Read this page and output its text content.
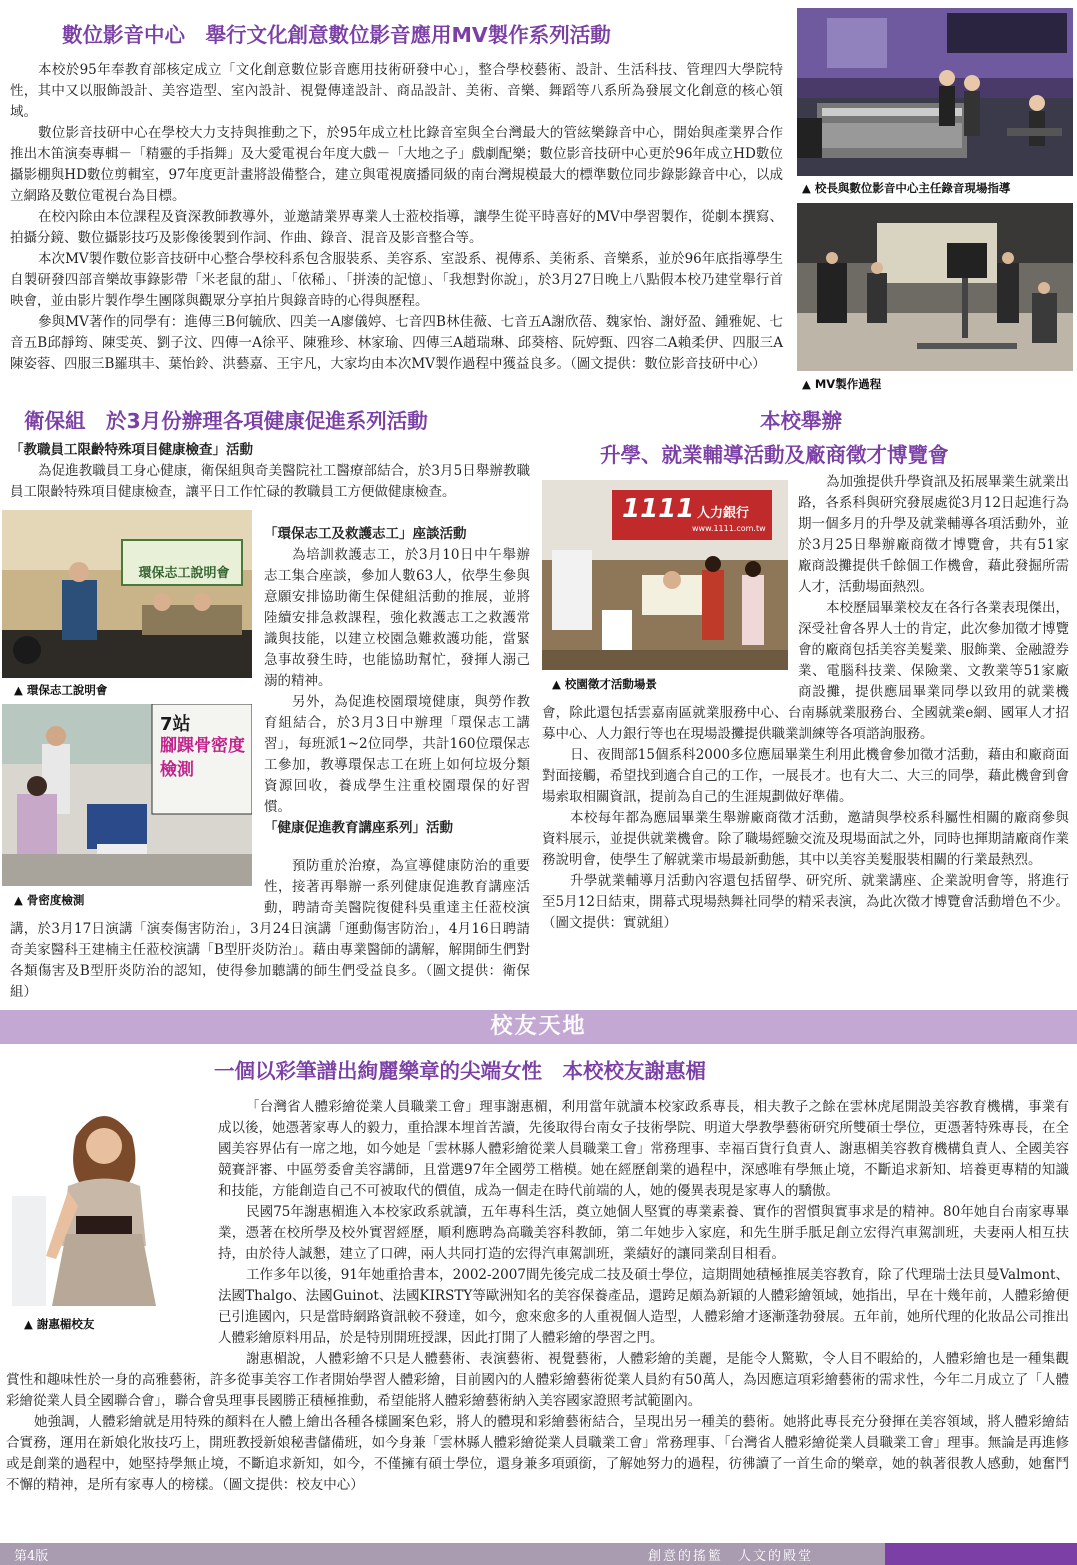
數位影音中心　舉行文化創意數位影音應用MV製作系列活動

本校於95年奉教育部核定成立「文化創意數位影音應用技術研發中心」，整合學校藝術、設計、生活科技、管理四大學院特性，其中又以服飾設計、美容造型、室內設計、視覺傳達設計、商品設計、美術、音樂、舞蹈等八系所為發展文化創意的核心領域。

數位影音技研中心在學校大力支持與推動之下，於95年成立杜比錄音室與全台灣最大的管絃樂錄音中心，開始與產業界合作推出木笛演奏專輯－「精靈的手指舞」及大愛電視台年度大戲－「大地之子」戲劇配樂；數位影音技研中心更於96年成立HD數位攝影棚與HD數位剪輯室，97年度更計畫將設備整合，建立與電視廣播同級的南台灣規模最大的標準數位同步錄影錄音中心，以成立網路及數位電視台為目標。

在校內除由本位課程及資深教師教導外，並邀請業界專業人士蒞校指導，讓學生從平時喜好的MV中學習製作，從劇本撰寫、拍攝分鏡、數位攝影技巧及影像後製到作詞、作曲、錄音、混音及影音整合等。

本次MV製作數位影音技研中心整合學校科系包含服裝系、美容系、室設系、視傳系、美術系、音樂系，並於96年底指導學生自製研發四部音樂故事錄影帶「米老鼠的甜」、「依稀」、「拼湊的記憶」、「我想對你說」，於3月27日晚上八點假本校乃建堂舉行首映會，並由影片製作學生團隊與觀眾分享拍片與錄音時的心得與歷程。

參與MV著作的同學有：進傳三B何毓欣、四美一A廖儀婷、七音四B林佳薇、七音五A謝欣蓓、魏家怡、謝妤盈、鍾雅妮、七音五B邱靜筠、陳雯英、劉子汶、四傳一A徐平、陳雅珍、林家瑜、四傳三A趙瑞琳、邱葵榕、阮婷甄、四容二A賴柔伊、四服三A陳姿蓉、四服三B羅琪丰、葉怡鈴、洪藝嘉、王宇凡，大家均由本次MV製作過程中獲益良多。（圖文提供：數位影音技研中心）

▲ 校長與數位影音中心主任錄音現場指導
▲ MV製作過程
衛保組　於3月份辦理各項健康促進系列活動

「教職員工限齡特殊項目健康檢查」活動

為促進教職員工身心健康，衛保組與奇美醫院社工醫療部結合，於3月5日舉辦教職員工限齡特殊項目健康檢查，讓平日工作忙碌的教職員工方便做健康檢查。

環保志工說明會
▲ 環保志工說明會
7站
腳踝骨密度檢測
▲ 骨密度檢測

「環保志工及救護志工」座談活動

為培訓救護志工，於3月10日中午舉辦志工集合座談，參加人數63人，依學生參與意願安排協助衛生保健組活動的推展，並將陸續安排急救課程，強化救護志工之救護常識與技能，以建立校園急難救護功能，當緊急事故發生時，也能協助幫忙，發揮人溺己溺的精神。

另外，為促進校園環境健康，與勞作教育組結合，於3月3日中辦理「環保志工講習」，每班派1~2位同學，共計160位環保志工參加，教導環保志工在班上如何垃圾分類資源回收，養成學生注重校園環保的好習慣。

「健康促進教育講座系列」活動

預防重於治療，為宣導健康防治的重要性，接著再舉辦一系列健康促進教育講座活動，聘請奇美醫院復健科吳重達主任蒞校演講，於3月17日演講「演奏傷害防治」，3月24日演講「運動傷害防治」，4月16日聘請奇美家醫科王建楠主任蒞校演講「B型肝炎防治」。藉由專業醫師的講解，解開師生們對各類傷害及B型肝炎防治的認知，使得參加聽講的師生們受益良多。（圖文提供：衛保組）

本校舉辦
升學、就業輔導活動及廠商徵才博覽會
1111 人力銀行
www.1111.com.tw
▲ 校園徵才活動場景

為加強提供升學資訊及拓展畢業生就業出路，各系科與研究發展處從3月12日起進行為期一個多月的升學及就業輔導各項活動外，並於3月25日舉辦廠商徵才博覽會，共有51家廠商設攤提供千餘個工作機會，藉此發掘所需人才，活動場面熱烈。

本校歷屆畢業校友在各行各業表現傑出，深受社會各界人士的肯定，此次參加徵才博覽會的廠商包括美容美髮業、服飾業、金融證券業、電腦科技業、保險業、文教業等51家廠商設攤，提供應屆畢業同學以致用的就業機會，除此還包括雲嘉南區就業服務中心、台南縣就業服務台、全國就業e網、國軍人才招募中心、人力銀行等也在現場設攤提供職業訓練等各項諮詢服務。

日、夜間部15個系科2000多位應屆畢業生利用此機會參加徵才活動，藉由和廠商面對面接觸，希望找到適合自己的工作，一展長才。也有大二、大三的同學，藉此機會到會場索取相關資訊，提前為自己的生涯規劃做好準備。

本校每年都為應屆畢業生舉辦廠商徵才活動，邀請與學校系科屬性相關的廠商參與資料展示，並提供就業機會。除了職場經驗交流及現場面試之外，同時也揮期請廠商作業務說明會，使學生了解就業市場最新動態，其中以美容美髮服裝相關的行業最熱烈。

升學就業輔導月活動內容還包括留學、研究所、就業講座、企業說明會等，將進行至5月12日結束，開幕式現場熱舞社同學的精采表演，為此次徵才博覽會活動增色不少。（圖文提供：實就組）

校友天地
一個以彩筆譜出絢麗樂章的尖端女性　本校校友謝惠楣
▲ 謝惠楣校友

「台灣省人體彩繪從業人員職業工會」理事謝惠楣，利用當年就讀本校家政系專長，相夫教子之餘在雲林虎尾開設美容教育機構，事業有成以後，她憑著家專人的毅力，重拾課本埋首苦讀，先後取得台南女子技術學院、明道大學教學藝術研究所雙碩士學位，更憑著特殊專長，在全國美容界佔有一席之地，如今她是「雲林縣人體彩繪從業人員職業工會」常務理事、幸福百貨行負責人、謝惠楣美容教育機構負責人、全國美容競賽評審、中區勞委會美容講師，且當選97年全國勞工楷模。她在經歷創業的過程中，深感唯有學無止境，不斷追求新知、培養更專精的知識和技能，方能創造自己不可被取代的價值，成為一個走在時代前端的人，她的優異表現是家專人的驕傲。

民國75年謝惠楣進入本校家政系就讀，五年專科生活，奠立她個人堅實的專業素養、實作的習慣與實事求是的精神。80年她自台南家專畢業，憑著在校所學及校外實習經歷，順利應聘為高職美容科教師，第二年她步入家庭，和先生胼手胝足創立宏得汽車駕訓班，夫妻兩人相互扶持，由於待人誠懇，建立了口碑，兩人共同打造的宏得汽車駕訓班，業績好的讓同業刮目相看。

工作多年以後，91年她重拾書本，2002-2007間先後完成二技及碩士學位，這期間她積極推展美容教育，除了代理瑞士法貝曼Valmont、法國Thalgo、法國Guinot、法國KIRSTY等歐洲知名的美容保養產品，還跨足頗為新穎的人體彩繪領域，她指出，早在十幾年前，人體彩繪便已引進國內，只是當時網路資訊較不發達，如今，愈來愈多的人重視個人造型，人體彩繪才逐漸蓬勃發展。五年前，她所代理的化妝品公司推出人體彩繪原料用品，於是特別開班授課，因此打開了人體彩繪的學習之門。

謝惠楣說，人體彩繪不只是人體藝術、表演藝術、視覺藝術，人體彩繪的美麗，是能令人驚歎，令人目不暇給的，人體彩繪也是一種集觀賞性和趣味性於一身的高雅藝術，許多從事美容工作者開始學習人體彩繪，目前國內的人體彩繪藝術從業人員約有50萬人，為因應這項彩繪藝術的需求性，今年二月成立了「人體彩繪從業人員全國聯合會」，聯合會吳理事長國勝正積極推動，希望能將人體彩繪藝術納入美容國家證照考試範圍內。

她強調，人體彩繪就是用特殊的顏料在人體上繪出各種各樣圖案色彩，將人的體現和彩繪藝術結合，呈現出另一種美的藝術。她將此專長充分發揮在美容領域，將人體彩繪結合實務，運用在新娘化妝技巧上，開班教授新娘秘書儲備班，如今身兼「雲林縣人體彩繪從業人員職業工會」常務理事、「台灣省人體彩繪從業人員職業工會」理事。無論是再進修或是創業的過程中，她堅持學無止境，不斷追求新知，如今，不僅擁有碩士學位，還身兼多項頭銜，了解她努力的過程，彷彿讀了一首生命的樂章，她的執著很教人感動，她奮鬥不懈的精神，是所有家專人的榜樣。（圖文提供：校友中心）

第4版	創意的搖籃　人文的殿堂
